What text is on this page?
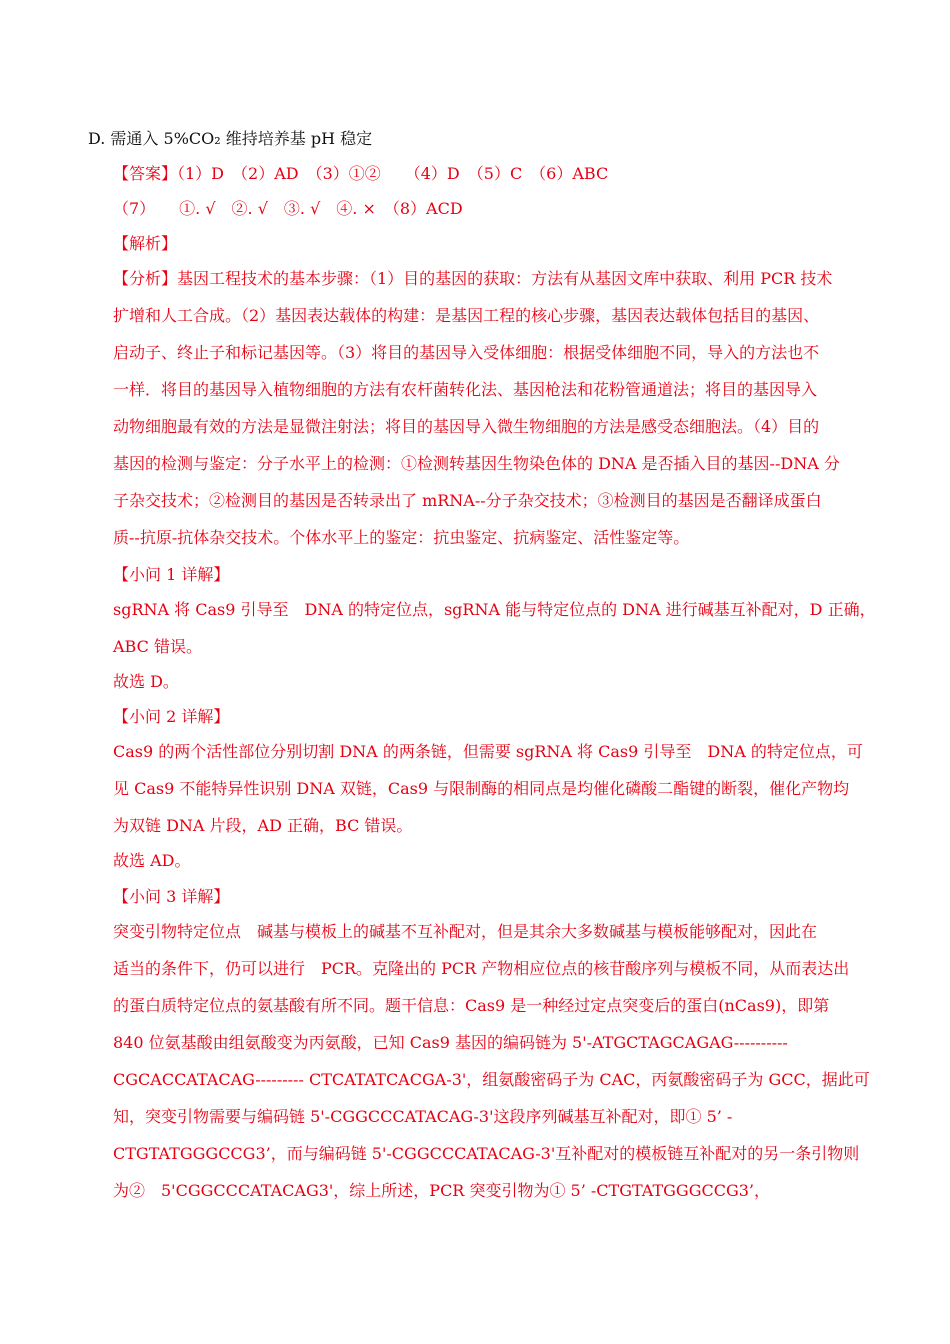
D. 需通入 5%CO₂ 维持培养基 pH 稳定
【答案】（1）D　（2）AD　（3）①②　　（4）D　（5）C　（6）ABC
（7）　　①. √　②. √　③. √　④. ×　（8）ACD
【解析】
【分析】基因工程技术的基本步骤：（1）目的基因的获取：方法有从基因文库中获取、利用 PCR 技术
扩增和人工合成。（2）基因表达载体的构建：是基因工程的核心步骤，基因表达载体包括目的基因、
启动子、终止子和标记基因等。（3）将目的基因导入受体细胞：根据受体细胞不同，导入的方法也不
一样．将目的基因导入植物细胞的方法有农杆菌转化法、基因枪法和花粉管通道法；将目的基因导入
动物细胞最有效的方法是显微注射法；将目的基因导入微生物细胞的方法是感受态细胞法。（4）目的
基因的检测与鉴定：分子水平上的检测：①检测转基因生物染色体的 DNA 是否插入目的基因--DNA 分
子杂交技术；②检测目的基因是否转录出了 mRNA--分子杂交技术；③检测目的基因是否翻译成蛋白
质--抗原-抗体杂交技术。个体水平上的鉴定：抗虫鉴定、抗病鉴定、活性鉴定等。
【小问 1 详解】
sgRNA 将 Cas9 引导至　DNA 的特定位点，sgRNA 能与特定位点的 DNA 进行碱基互补配对，D 正确，
ABC 错误。
故选 D。
【小问 2 详解】
Cas9 的两个活性部位分别切割 DNA 的两条链，但需要 sgRNA 将 Cas9 引导至　DNA 的特定位点，可
见 Cas9 不能特异性识别 DNA 双链，Cas9 与限制酶的相同点是均催化磷酸二酯键的断裂，催化产物均
为双链 DNA 片段，AD 正确，BC 错误。
故选 AD。
【小问 3 详解】
突变引物特定位点　碱基与模板上的碱基不互补配对，但是其余大多数碱基与模板能够配对，因此在
适当的条件下，仍可以进行　PCR。克隆出的 PCR 产物相应位点的核苷酸序列与模板不同，从而表达出
的蛋白质特定位点的氨基酸有所不同。题干信息：Cas9 是一种经过定点突变后的蛋白(nCas9)，即第
840 位氨基酸由组氨酸变为丙氨酸，已知 Cas9 基因的编码链为 5'-ATGCTAGCAGAG----------
CGCACCATACAG--------- CTCATATCACGA-3'，组氨酸密码子为 CAC，丙氨酸密码子为 GCC，据此可
知，突变引物需要与编码链 5'-CGGCCCATACAG-3'这段序列碱基互补配对，即① 5’ -
CTGTATGGGCCG3’，而与编码链 5'-CGGCCCATACAG-3'互补配对的模板链互补配对的另一条引物则
为②　5'CGGCCCATACAG3'，综上所述，PCR 突变引物为① 5’ -CTGTATGGGCCG3’，
